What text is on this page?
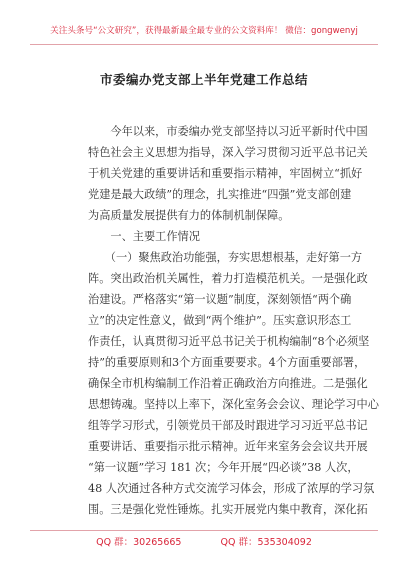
关注头条号“公文研究”，获得最新最全最专业的公文资料库！ 微信：gongwenyj
市委编办党支部上半年党建工作总结
　　今年以来，市委编办党支部坚持以习近平新时代中国
特色社会主义思想为指导，深入学习贯彻习近平总书记关
于机关党建的重要讲话和重要指示精神，牢固树立“抓好
党建是最大政绩”的理念，扎实推进“四强”党支部创建
为高质量发展提供有力的体制机制保障。
　　一、主要工作情况
　　（一）聚焦政治功能强，夯实思想根基，走好第一方
阵。突出政治机关属性，着力打造模范机关。一是强化政
治建设。严格落实“第一议题”制度，深刻领悟“两个确
立”的决定性意义，做到“两个维护”。压实意识形态工
作责任，认真贯彻习近平总书记关于机构编制“8个必须坚
持”的重要原则和3个方面重要要求。4个方面重要部署，
确保全市机构编制工作沿着正确政治方向推进。二是强化
思想铸魂。坚持以上率下，深化室务会会议、理论学习中心
组等学习形式，引领党员干部及时跟进学习习近平总书记
重要讲话、重要指示批示精神。近年来室务会会议共开展
“第一议题”学习 181 次；今年开展“四必谈”38 人次，
48 人次通过各种方式交流学习体会，形成了浓厚的学习氛
围。三是强化党性锤炼。扎实开展党内集中教育，深化拓
QQ 群：30265665	QQ 群：535304092
